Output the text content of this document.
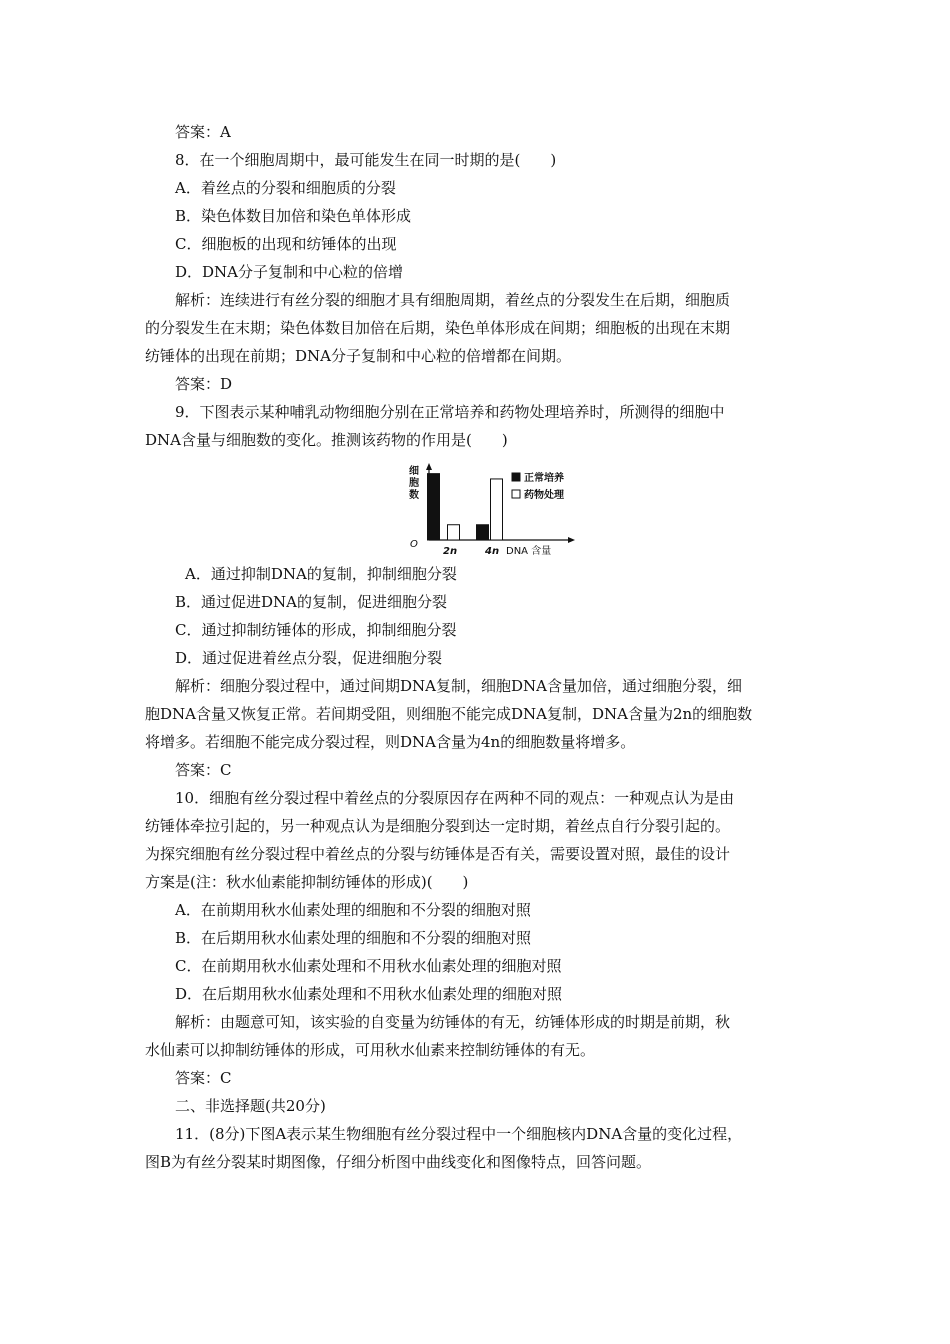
答案：A
8．在一个细胞周期中，最可能发生在同一时期的是(　　)
A．着丝点的分裂和细胞质的分裂
B．染色体数目加倍和染色单体形成
C．细胞板的出现和纺锤体的出现
D．DNA分子复制和中心粒的倍增
解析：连续进行有丝分裂的细胞才具有细胞周期，着丝点的分裂发生在后期，细胞质
的分裂发生在末期；染色体数目加倍在后期，染色单体形成在间期；细胞板的出现在末期
纺锤体的出现在前期；DNA分子复制和中心粒的倍增都在间期。
答案：D
9．下图表示某种哺乳动物细胞分别在正常培养和药物处理培养时，所测得的细胞中
DNA含量与细胞数的变化。推测该药物的作用是(　　)
细
胞
数
O
2n	4n DNA 含量
正常培养
药物处理
A．通过抑制DNA的复制，抑制细胞分裂
B．通过促进DNA的复制，促进细胞分裂
C．通过抑制纺锤体的形成，抑制细胞分裂
D．通过促进着丝点分裂，促进细胞分裂
解析：细胞分裂过程中，通过间期DNA复制，细胞DNA含量加倍，通过细胞分裂，细
胞DNA含量又恢复正常。若间期受阻，则细胞不能完成DNA复制，DNA含量为2n的细胞数
将增多。若细胞不能完成分裂过程，则DNA含量为4n的细胞数量将增多。
答案：C
10．细胞有丝分裂过程中着丝点的分裂原因存在两种不同的观点：一种观点认为是由
纺锤体牵拉引起的，另一种观点认为是细胞分裂到达一定时期，着丝点自行分裂引起的。
为探究细胞有丝分裂过程中着丝点的分裂与纺锤体是否有关，需要设置对照，最佳的设计
方案是(注：秋水仙素能抑制纺锤体的形成)(　　)
A．在前期用秋水仙素处理的细胞和不分裂的细胞对照
B．在后期用秋水仙素处理的细胞和不分裂的细胞对照
C．在前期用秋水仙素处理和不用秋水仙素处理的细胞对照
D．在后期用秋水仙素处理和不用秋水仙素处理的细胞对照
解析：由题意可知，该实验的自变量为纺锤体的有无，纺锤体形成的时期是前期，秋
水仙素可以抑制纺锤体的形成，可用秋水仙素来控制纺锤体的有无。
答案：C
二、非选择题(共20分)
11．(8分)下图A表示某生物细胞有丝分裂过程中一个细胞核内DNA含量的变化过程，
图B为有丝分裂某时期图像，仔细分析图中曲线变化和图像特点，回答问题。
